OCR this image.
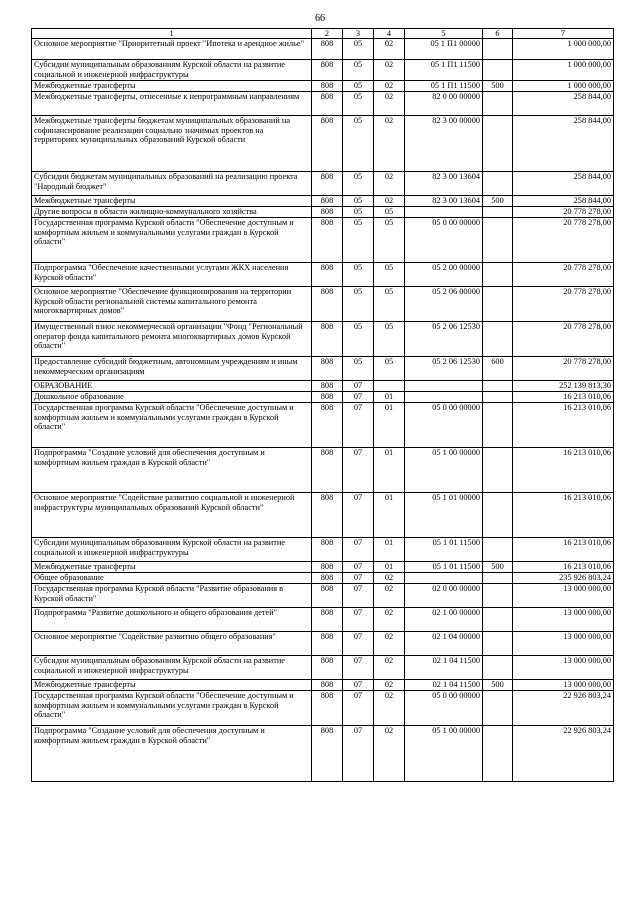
66
1	2	3	4	5	6	7
Основное мероприятие "Приоритетный проект "Ипотека и арендное жилье"	808	05	02	05 1 П1 00000		1 000 000,00
Субсидии муниципальным образованиям Курской области на развитие социальной и инженерной инфраструктуры	808	05	02	05 1 П1 11500		1 000 000,00
Межбюджетные трансферты	808	05	02	05 1 П1 11500	500	1 000 000,00
Межбюджетные трансферты, отнесенные к непрограммным направлениям	808	05	02	82 0 00 00000		258 844,00
Межбюджетные трансферты бюджетам муниципальных образований на софинансирование реализации социально значимых проектов на территориях муниципальных образований Курской области	808	05	02	82 3 00 00000		258 844,00
Субсидии бюджетам муниципальных образований на реализацию проекта "Народный бюджет"	808	05	02	82 3 00 13604		258 844,00
Межбюджетные трансферты	808	05	02	82 3 00 13604	500	258 844,00
Другие вопросы в области жилищно-коммунального хозяйства	808	05	05			20 778 278,00
Государственная программа Курской области "Обеспечение доступным и комфортным жильем и коммунальными услугами граждан в Курской области"	808	05	05	05 0 00 00000		20 778 278,00
Подпрограмма "Обеспечение качественными услугами ЖКХ населения Курской области"	808	05	05	05 2 00 00000		20 778 278,00
Основное мероприятие "Обеспечение функционирования на территории Курской области региональной системы капитального ремонта многоквартирных домов"	808	05	05	05 2 06 00000		20 778 278,00
Имущественный взнос некоммерческой организации "Фонд "Региональный оператор фонда капитального ремонта многоквартирных домов Курской области"	808	05	05	05 2 06 12530		20 778 278,00
Предоставление субсидий бюджетным, автономным учреждениям и иным некоммерческим организациям	808	05	05	05 2 06 12530	600	20 778 278,00
ОБРАЗОВАНИЕ	808	07				252 139 813,30
Дошкольное образование	808	07	01			16 213 010,06
Государственная программа Курской области "Обеспечение доступным и комфортным жильем и коммунальными услугами граждан в Курской области"	808	07	01	05 0 00 00000		16 213 010,06
Подпрограмма "Создание условий для обеспечения доступным и комфортным жильем граждан в Курской области"	808	07	01	05 1 00 00000		16 213 010,06
Основное мероприятие "Содействие развитию социальной и инженерной инфраструктуры муниципальных образований Курской области"	808	07	01	05 1 01 00000		16 213 010,06
Субсидии муниципальным образованиям Курской области на развитие социальной и инженерной инфраструктуры	808	07	01	05 1 01 11500		16 213 010,06
Межбюджетные трансферты	808	07	01	05 1 01 11500	500	16 213 010,06
Общее образование	808	07	02			235 926 803,24
Государственная программа Курской области "Развитие образования в Курской области"	808	07	02	02 0 00 00000		13 000 000,00
Подпрограмма "Развитие дошкольного и общего образования детей"	808	07	02	02 1 00 00000		13 000 000,00
Основное мероприятие "Содействие развитию общего образования"	808	07	02	02 1 04 00000		13 000 000,00
Субсидии муниципальным образованиям Курской области на развитие социальной и инженерной инфраструктуры	808	07	02	02 1 04 11500		13 000 000,00
Межбюджетные трансферты	808	07	02	02 1 04 11500	500	13 000 000,00
Государственная программа Курской области "Обеспечение доступным и комфортным жильем и коммунальными услугами граждан в Курской области"	808	07	02	05 0 00 00000		22 926 803,24
Подпрограмма "Создание условий для обеспечения доступным и комфортным жильем граждан в Курской области"	808	07	02	05 1 00 00000		22 926 803,24
